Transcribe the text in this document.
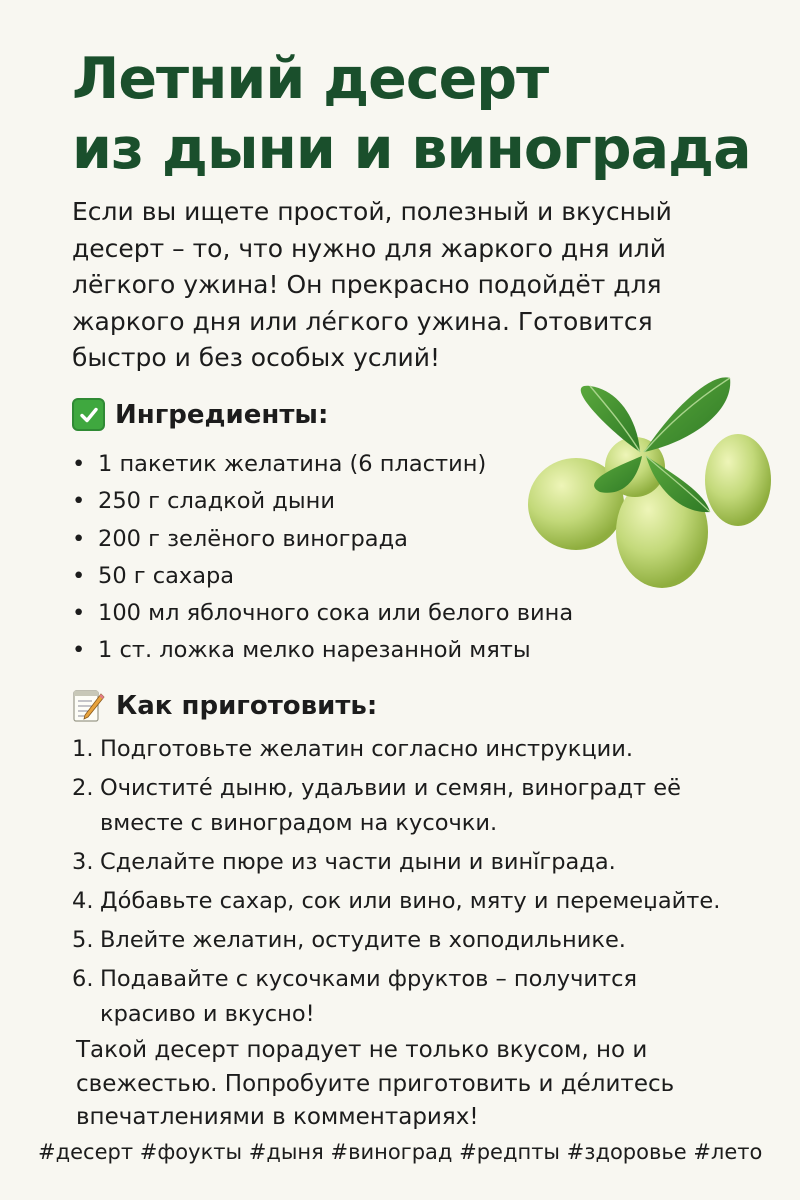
Летний десерт
из дыни и винограда

Если вы ищете простой, полезный и вкусный
десерт – то, что нужно для жаркого дня илй
лёгкого ужина! Он прекрасно подойдёт для
жаркого дня или лéгкого ужина. Готовится
быстро и без особых услий!

Ингредиенты:
• 1 пакетик желатина (6 пластин)
• 250 г сладкой дыни
• 200 г зелёного винограда
• 50 г сахара
• 100 мл яблочного сока или белого вина
• 1 ст. ложка мелко нарезанной мяты
Как приготовить:
1. Подготовьте желатин согласно инструкции.
2. Очистите́ дыню, удаљвии и семян, виноградт её
вместе с виноградом на кусочки.
3. Сделайте пюре из части дыни и винĭграда.
4. Дóбавьте сахар, сок или вино, мяту и перемеџайте.
5. Влейте желатин, остудите в хоподильнике.
6. Подавайте с кусочками фруктов – получится
красиво и вкусно!

Такой десерт порадует не только вкусом, но и
свежестью. Попробуите приготовить и дéлитесь
впечатлениями в комментариях!

#десерт #фоукты #дыня #виноград #редпты #здоровье #лето
